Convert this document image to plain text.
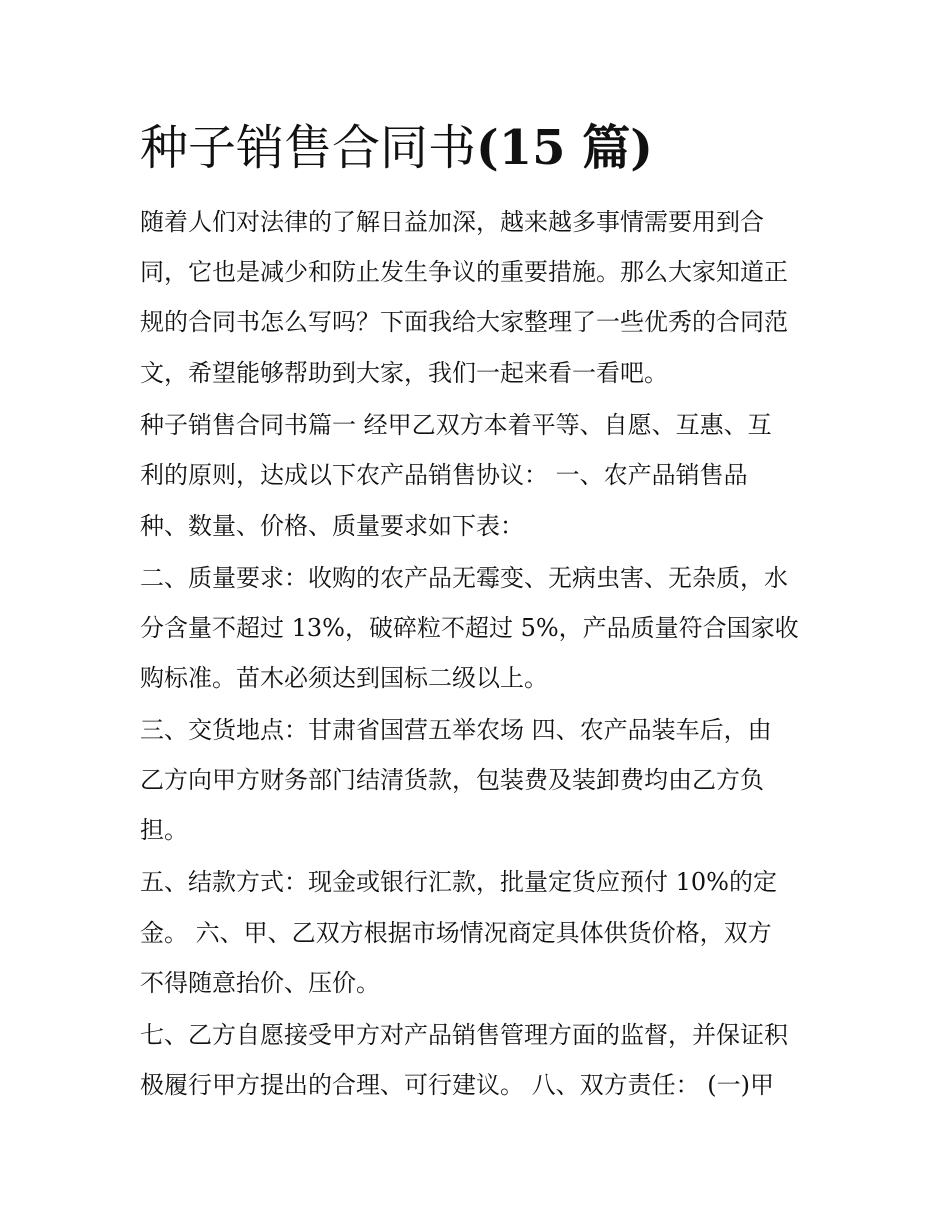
种子销售合同书(15 篇)

随着人们对法律的了解日益加深，越来越多事情需要用到合

同，它也是减少和防止发生争议的重要措施。那么大家知道正

规的合同书怎么写吗？下面我给大家整理了一些优秀的合同范

文，希望能够帮助到大家，我们一起来看一看吧。

种子销售合同书篇一 经甲乙双方本着平等、自愿、互惠、互

利的原则，达成以下农产品销售协议： 一、农产品销售品

种、数量、价格、质量要求如下表：

二、质量要求：收购的农产品无霉变、无病虫害、无杂质，水

分含量不超过 13%，破碎粒不超过 5%，产品质量符合国家收

购标准。苗木必须达到国标二级以上。

三、交货地点：甘肃省国营五举农场 四、农产品装车后，由

乙方向甲方财务部门结清货款，包装费及装卸费均由乙方负

担。

五、结款方式：现金或银行汇款，批量定货应预付 10%的定

金。 六、甲、乙双方根据市场情况商定具体供货价格，双方

不得随意抬价、压价。

七、乙方自愿接受甲方对产品销售管理方面的监督，并保证积

极履行甲方提出的合理、可行建议。 八、双方责任： (一)甲
